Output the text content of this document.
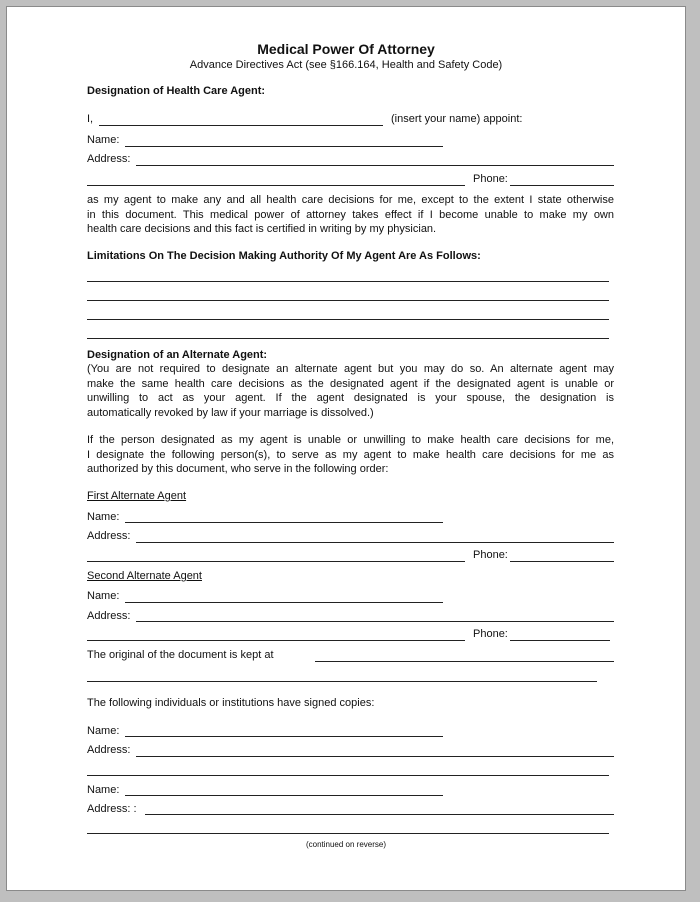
Medical Power Of Attorney
Advance Directives Act (see §166.164, Health and Safety Code)
Designation of Health Care Agent:
I,	(insert your name) appoint:
Name:
Address:
Phone:
as my agent to make any and all health care decisions for me, except to the extent I state otherwise
in this document. This medical power of attorney takes effect if I become unable to make my own
health care decisions and this fact is certified in writing by my physician.
Limitations On The Decision Making Authority Of My Agent Are As Follows:
Designation of an Alternate Agent:
(You are not required to designate an alternate agent but you may do so. An alternate agent may
make the same health care decisions as the designated agent if the designated agent is unable or
unwilling to act as your agent. If the agent designated is your spouse, the designation is
automatically revoked by law if your marriage is dissolved.)
If the person designated as my agent is unable or unwilling to make health care decisions for me,
I designate the following person(s), to serve as my agent to make health care decisions for me as
authorized by this document, who serve in the following order:
First Alternate Agent
Name:
Address:
Phone:
Second Alternate Agent
Name:
Address:
Phone:
The original of the document is kept at
The following individuals or institutions have signed copies:
Name:
Address:
Name:
Address: :
(continued on reverse)
